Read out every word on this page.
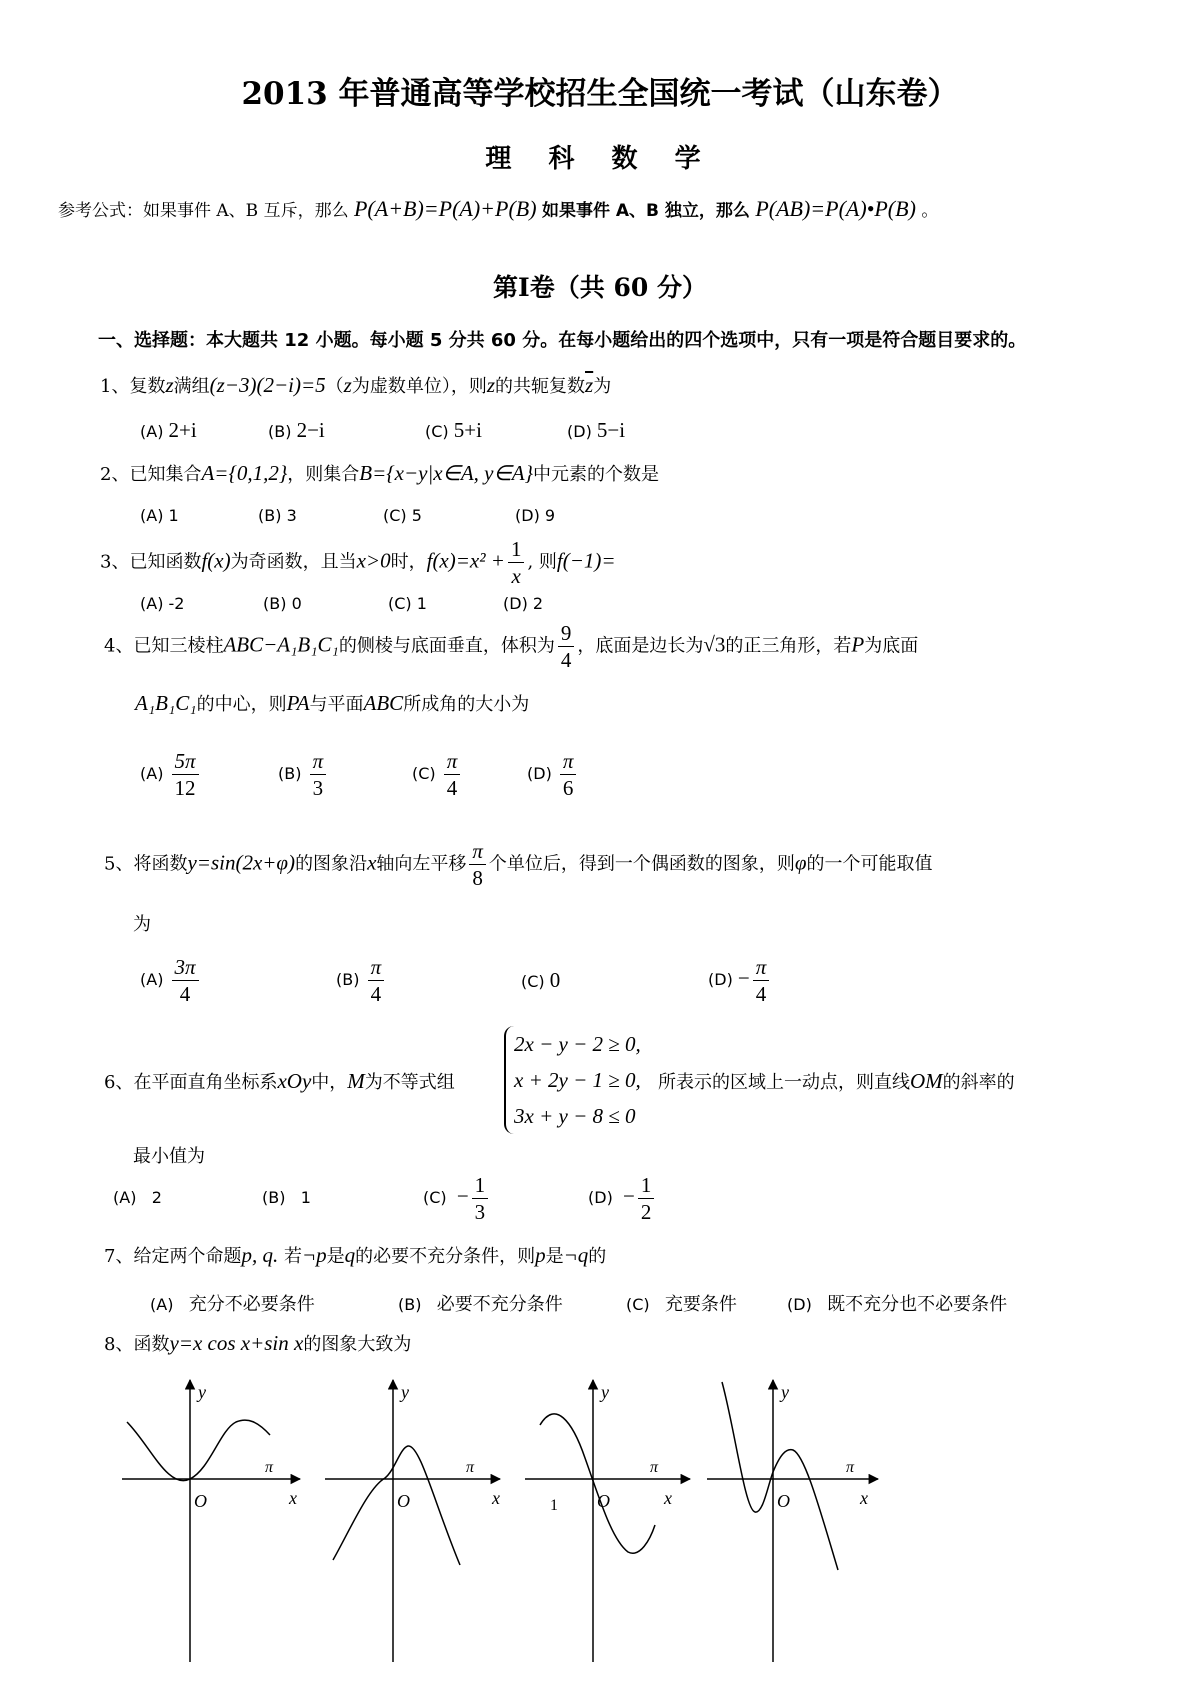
2013 年普通高等学校招生全国统一考试（山东卷）
理 科 数 学
参考公式：如果事件 A、B 互斥，那么 P(A+B)=P(A)+P(B) 如果事件 A、B 独立，那么 P(AB)=P(A)•P(B) 。
第Ⅰ卷（共 60 分）
一、选择题：本大题共 12 小题。每小题 5 分共 60 分。在每小题给出的四个选项中，只有一项是符合题目要求的。
1、复数z满组(z−3)(2−i)=5（z为虚数单位），则z的共轭复数$\overline{z}$为
(A) 2+i	(B) 2−i	(C) 5+i	(D) 5−i
2、已知集合A={0,1,2}，则集合B={x−y|x∈A, y∈A}中元素的个数是
(A) 1	(B) 3	(C) 5	(D) 9
3、已知函数f(x)为奇函数，且当x>0时，$f(x)=x^2 + \frac{1}{x}$ , 则f(−1)=
(A) -2	(B) 0	(C) 1	(D) 2
4、已知三棱柱ABC−A₁B₁C₁的侧棱与底面垂直，体积为 $\frac{9}{4}$ ，底面是边长为√3的正三角形，若P为底面
A₁B₁C₁的中心，则PA与平面ABC所成角的大小为
$(A) \frac{5\pi}{12}$	$(B) \frac{\pi}{3}$	$(C) \frac{\pi}{4}$	$(D) \frac{\pi}{6}$
5、将函数y=sin(2x+φ)的图象沿x轴向左平移 $\frac{\pi}{8}$ 个单位后，得到一个偶函数的图象，则φ的一个可能取值
为
$(A) \frac{3\pi}{4}$	$(B) \frac{\pi}{4}$	(C) 0	$(D) - \frac{\pi}{4}$
6、在平面直角坐标系xOy中，M为不等式组
2x − y − 2 ≥ 0,
x + 2y − 1 ≥ 0,
3x + y − 8 ≤ 0
所表示的区域上一动点，则直线OM的斜率的
最小值为
(A) 2	(B) 1	$(C) - \frac{1}{3}$	$(D) - \frac{1}{2}$
7、给定两个命题p, q. 若¬p是q的必要不充分条件，则p是¬q的
(A) 充分不必要条件	(B) 必要不充分条件	(C) 充要条件	(D) 既不充分也不必要条件
8、函数y=x cos x+sin x的图象大致为
y
x
O
π
y
x
O
π
y
x
O
π
1
y
x
O
π
